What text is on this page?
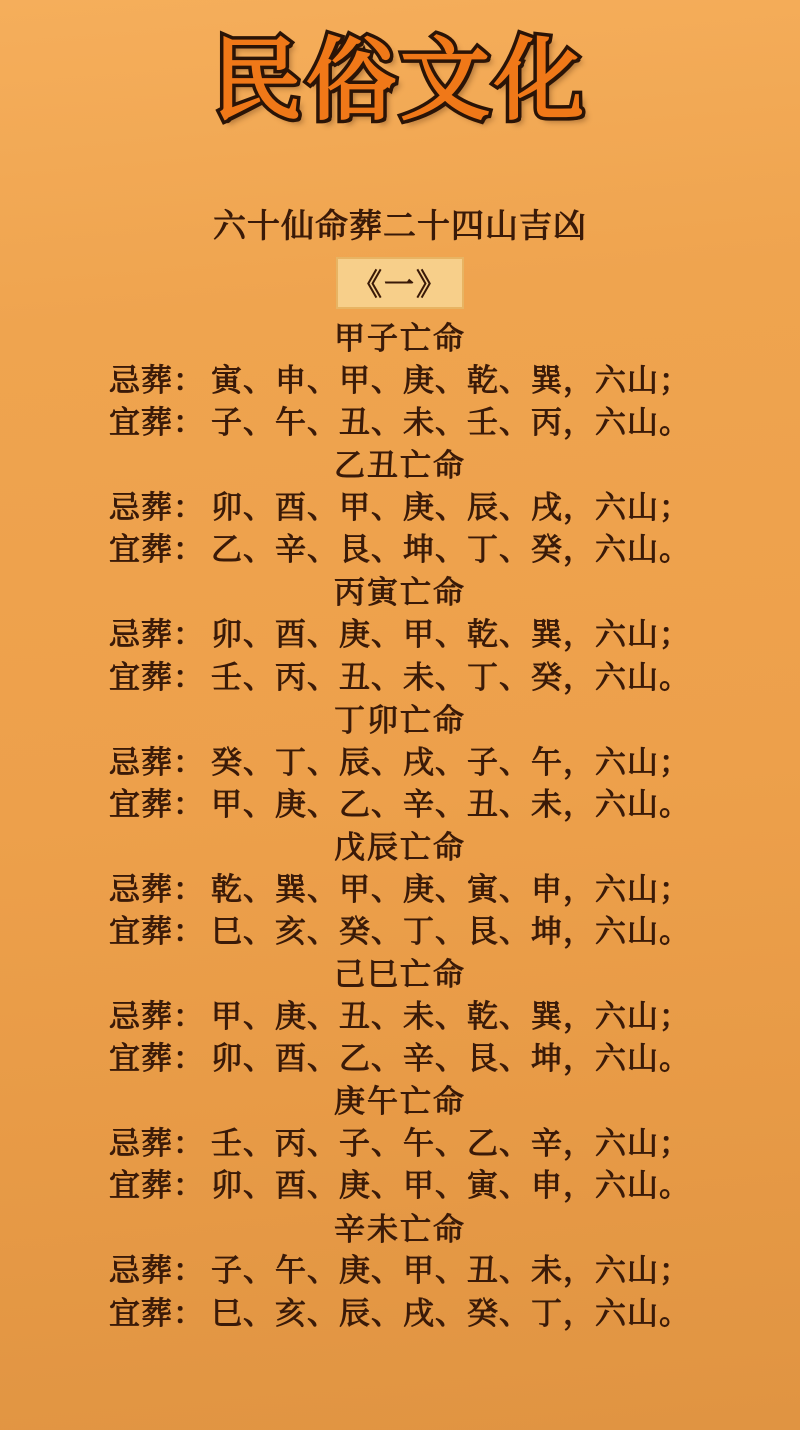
民俗文化
六十仙命葬二十四山吉凶
《一》
甲子亡命
忌葬： 寅、申、甲、庚、乾、巽，六山；
宜葬： 子、午、丑、未、壬、丙，六山。
乙丑亡命
忌葬： 卯、酉、甲、庚、辰、戌，六山；
宜葬： 乙、辛、艮、坤、丁、癸，六山。
丙寅亡命
忌葬： 卯、酉、庚、甲、乾、巽，六山；
宜葬： 壬、丙、丑、未、丁、癸，六山。
丁卯亡命
忌葬： 癸、丁、辰、戌、子、午，六山；
宜葬： 甲、庚、乙、辛、丑、未，六山。
戊辰亡命
忌葬： 乾、巽、甲、庚、寅、申，六山；
宜葬： 巳、亥、癸、丁、艮、坤，六山。
己巳亡命
忌葬： 甲、庚、丑、未、乾、巽，六山；
宜葬： 卯、酉、乙、辛、艮、坤，六山。
庚午亡命
忌葬： 壬、丙、子、午、乙、辛，六山；
宜葬： 卯、酉、庚、甲、寅、申，六山。
辛未亡命
忌葬： 子、午、庚、甲、丑、未，六山；
宜葬： 巳、亥、辰、戌、癸、丁，六山。
